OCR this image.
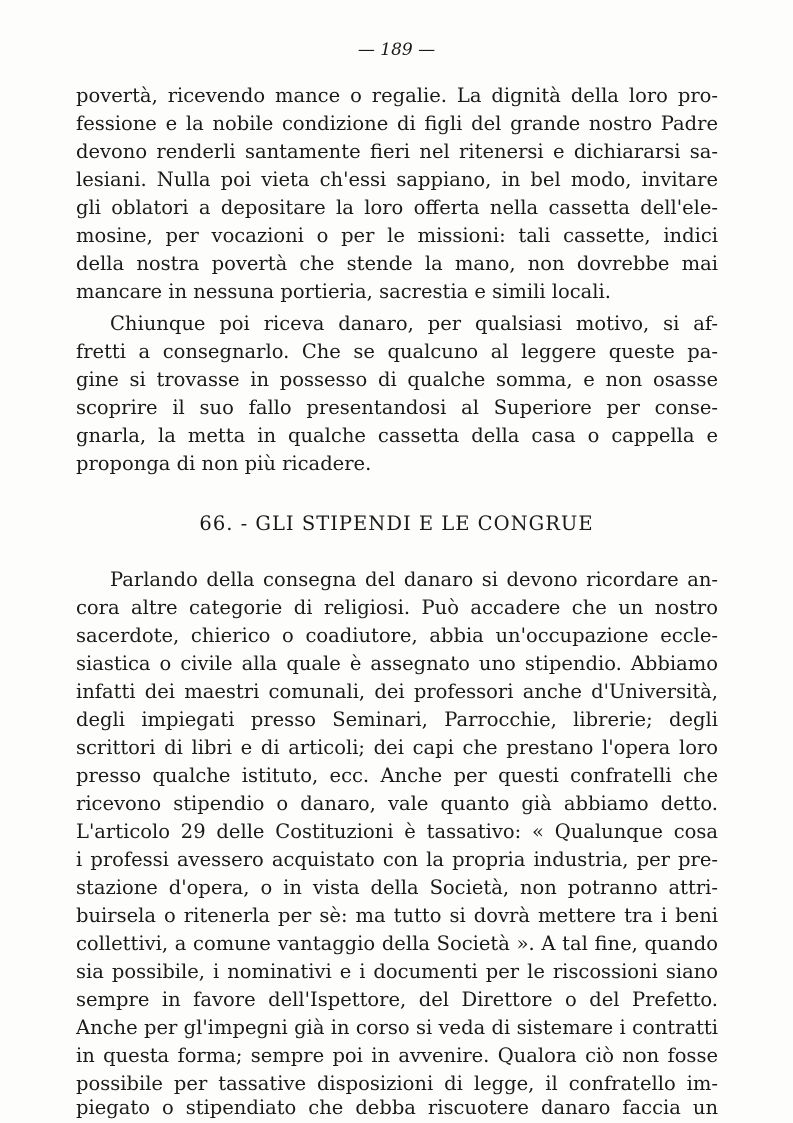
— 189 —
povertà, ricevendo mance o regalie. La dignità della loro pro-
fessione e la nobile condizione di figli del grande nostro Padre
devono renderli santamente fieri nel ritenersi e dichiararsi sa-
lesiani. Nulla poi vieta ch'essi sappiano, in bel modo, invitare
gli oblatori a depositare la loro offerta nella cassetta dell'ele-
mosine, per vocazioni o per le missioni: tali cassette, indici
della nostra povertà che stende la mano, non dovrebbe mai
mancare in nessuna portieria, sacrestia e simili locali.
Chiunque poi riceva danaro, per qualsiasi motivo, si af-
fretti a consegnarlo. Che se qualcuno al leggere queste pa-
gine si trovasse in possesso di qualche somma, e non osasse
scoprire il suo fallo presentandosi al Superiore per conse-
gnarla, la metta in qualche cassetta della casa o cappella e
proponga di non più ricadere.
66. - GLI STIPENDI E LE CONGRUE
Parlando della consegna del danaro si devono ricordare an-
cora altre categorie di religiosi. Può accadere che un nostro
sacerdote, chierico o coadiutore, abbia un'occupazione eccle-
siastica o civile alla quale è assegnato uno stipendio. Abbiamo
infatti dei maestri comunali, dei professori anche d'Università,
degli impiegati presso Seminari, Parrocchie, librerie; degli
scrittori di libri e di articoli; dei capi che prestano l'opera loro
presso qualche istituto, ecc. Anche per questi confratelli che
ricevono stipendio o danaro, vale quanto già abbiamo detto.
L'articolo 29 delle Costituzioni è tassativo: « Qualunque cosa
i professi avessero acquistato con la propria industria, per pre-
stazione d'opera, o in vista della Società, non potranno attri-
buirsela o ritenerla per sè: ma tutto si dovrà mettere tra i beni
collettivi, a comune vantaggio della Società ». A tal fine, quando
sia possibile, i nominativi e i documenti per le riscossioni siano
sempre in favore dell'Ispettore, del Direttore o del Prefetto.
Anche per gl'impegni già in corso si veda di sistemare i contratti
in questa forma; sempre poi in avvenire. Qualora ciò non fosse
possibile per tassative disposizioni di legge, il confratello im-
piegato o stipendiato che debba riscuotere danaro faccia un
